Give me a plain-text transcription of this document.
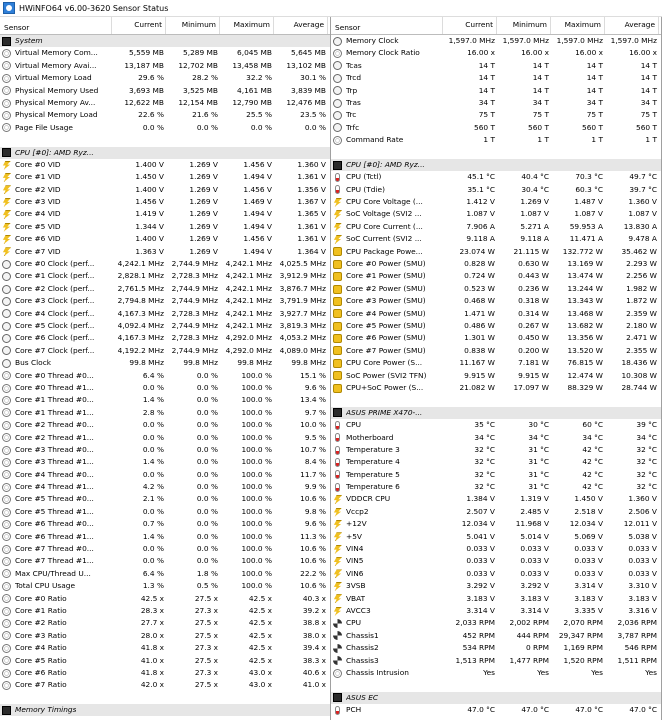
HWiNFO64 v6.00-3620 Sensor Status
Sensor	Current	Minimum	Maximum	Average
System
Virtual Memory Com...	5,559 MB	5,289 MB	6,045 MB	5,645 MB
Virtual Memory Avai...	13,187 MB	12,702 MB	13,458 MB	13,102 MB
Virtual Memory Load	29.6 %	28.2 %	32.2 %	30.1 %
Physical Memory Used	3,693 MB	3,525 MB	4,161 MB	3,839 MB
Physical Memory Av...	12,622 MB	12,154 MB	12,790 MB	12,476 MB
Physical Memory Load	22.6 %	21.6 %	25.5 %	23.5 %
Page File Usage	0.0 %	0.0 %	0.0 %	0.0 %
CPU [#0]: AMD Ryz...
Core #0 VID	1.400 V	1.269 V	1.456 V	1.360 V
Core #1 VID	1.450 V	1.269 V	1.494 V	1.361 V
Core #2 VID	1.400 V	1.269 V	1.456 V	1.356 V
Core #3 VID	1.456 V	1.269 V	1.469 V	1.367 V
Core #4 VID	1.419 V	1.269 V	1.494 V	1.365 V
Core #5 VID	1.344 V	1.269 V	1.494 V	1.361 V
Core #6 VID	1.400 V	1.269 V	1.456 V	1.361 V
Core #7 VID	1.363 V	1.269 V	1.494 V	1.364 V
Core #0 Clock (perf...	4,242.1 MHz	2,744.9 MHz	4,242.1 MHz	4,025.5 MHz
Core #1 Clock (perf...	2,828.1 MHz	2,728.3 MHz	4,242.1 MHz	3,912.9 MHz
Core #2 Clock (perf...	2,761.5 MHz	2,744.9 MHz	4,242.1 MHz	3,876.7 MHz
Core #3 Clock (perf...	2,794.8 MHz	2,744.9 MHz	4,242.1 MHz	3,791.9 MHz
Core #4 Clock (perf...	4,167.3 MHz	2,728.3 MHz	4,242.1 MHz	3,927.7 MHz
Core #5 Clock (perf...	4,092.4 MHz	2,744.9 MHz	4,242.1 MHz	3,819.3 MHz
Core #6 Clock (perf...	4,167.3 MHz	2,728.3 MHz	4,292.0 MHz	4,053.2 MHz
Core #7 Clock (perf...	4,192.2 MHz	2,744.9 MHz	4,292.0 MHz	4,089.0 MHz
Bus Clock	99.8 MHz	99.8 MHz	99.8 MHz	99.8 MHz
Core #0 Thread #0...	6.4 %	0.0 %	100.0 %	15.1 %
Core #0 Thread #1...	0.0 %	0.0 %	100.0 %	9.6 %
Core #1 Thread #0...	1.4 %	0.0 %	100.0 %	13.4 %
Core #1 Thread #1...	2.8 %	0.0 %	100.0 %	9.7 %
Core #2 Thread #0...	0.0 %	0.0 %	100.0 %	10.0 %
Core #2 Thread #1...	0.0 %	0.0 %	100.0 %	9.5 %
Core #3 Thread #0...	0.0 %	0.0 %	100.0 %	10.7 %
Core #3 Thread #1...	1.4 %	0.0 %	100.0 %	8.4 %
Core #4 Thread #0...	0.0 %	0.0 %	100.0 %	11.7 %
Core #4 Thread #1...	4.2 %	0.0 %	100.0 %	9.9 %
Core #5 Thread #0...	2.1 %	0.0 %	100.0 %	10.6 %
Core #5 Thread #1...	0.0 %	0.0 %	100.0 %	9.8 %
Core #6 Thread #0...	0.7 %	0.0 %	100.0 %	9.6 %
Core #6 Thread #1...	1.4 %	0.0 %	100.0 %	11.3 %
Core #7 Thread #0...	0.0 %	0.0 %	100.0 %	10.6 %
Core #7 Thread #1...	0.0 %	0.0 %	100.0 %	10.6 %
Max CPU/Thread U...	6.4 %	1.8 %	100.0 %	22.2 %
Total CPU Usage	1.3 %	0.5 %	100.0 %	10.6 %
Core #0 Ratio	42.5 x	27.5 x	42.5 x	40.3 x
Core #1 Ratio	28.3 x	27.3 x	42.5 x	39.2 x
Core #2 Ratio	27.7 x	27.5 x	42.5 x	38.8 x
Core #3 Ratio	28.0 x	27.5 x	42.5 x	38.0 x
Core #4 Ratio	41.8 x	27.3 x	42.5 x	39.4 x
Core #5 Ratio	41.0 x	27.5 x	42.5 x	38.3 x
Core #6 Ratio	41.8 x	27.3 x	43.0 x	40.6 x
Core #7 Ratio	42.0 x	27.5 x	43.0 x	41.0 x
Memory Timings
Sensor	Current	Minimum	Maximum	Average
Memory Clock	1,597.0 MHz	1,597.0 MHz	1,597.0 MHz	1,597.0 MHz
Memory Clock Ratio	16.00 x	16.00 x	16.00 x	16.00 x
Tcas	14 T	14 T	14 T	14 T
Trcd	14 T	14 T	14 T	14 T
Trp	14 T	14 T	14 T	14 T
Tras	34 T	34 T	34 T	34 T
Trc	75 T	75 T	75 T	75 T
Trfc	560 T	560 T	560 T	560 T
Command Rate	1 T	1 T	1 T	1 T
CPU [#0]: AMD Ryz...
CPU (Tctl)	45.1 °C	40.4 °C	70.3 °C	49.7 °C
CPU (Tdie)	35.1 °C	30.4 °C	60.3 °C	39.7 °C
CPU Core Voltage (...	1.412 V	1.269 V	1.487 V	1.360 V
SoC Voltage (SVI2 ...	1.087 V	1.087 V	1.087 V	1.087 V
CPU Core Current (...	7.906 A	5.271 A	59.953 A	13.830 A
SoC Current (SVI2 ...	9.118 A	9.118 A	11.471 A	9.478 A
CPU Package Powe...	23.074 W	21.115 W	132.772 W	35.462 W
Core #0 Power (SMU)	0.828 W	0.630 W	13.169 W	2.293 W
Core #1 Power (SMU)	0.724 W	0.443 W	13.474 W	2.256 W
Core #2 Power (SMU)	0.523 W	0.236 W	13.244 W	1.982 W
Core #3 Power (SMU)	0.468 W	0.318 W	13.343 W	1.872 W
Core #4 Power (SMU)	1.471 W	0.314 W	13.468 W	2.359 W
Core #5 Power (SMU)	0.486 W	0.267 W	13.682 W	2.180 W
Core #6 Power (SMU)	1.301 W	0.450 W	13.356 W	2.471 W
Core #7 Power (SMU)	0.838 W	0.200 W	13.520 W	2.355 W
CPU Core Power (S...	11.167 W	7.181 W	76.815 W	18.436 W
SoC Power (SVI2 TFN)	9.915 W	9.915 W	12.474 W	10.308 W
CPU+SoC Power (S...	21.082 W	17.097 W	88.329 W	28.744 W
ASUS PRIME X470-...
CPU	35 °C	30 °C	60 °C	39 °C
Motherboard	34 °C	34 °C	34 °C	34 °C
Temperature 3	32 °C	31 °C	42 °C	32 °C
Temperature 4	32 °C	31 °C	42 °C	32 °C
Temperature 5	32 °C	31 °C	42 °C	32 °C
Temperature 6	32 °C	31 °C	42 °C	32 °C
VDDCR CPU	1.384 V	1.319 V	1.450 V	1.360 V
Vccp2	2.507 V	2.485 V	2.518 V	2.506 V
+12V	12.034 V	11.968 V	12.034 V	12.011 V
+5V	5.041 V	5.014 V	5.069 V	5.038 V
VIN4	0.033 V	0.033 V	0.033 V	0.033 V
VIN5	0.033 V	0.033 V	0.033 V	0.033 V
VIN6	0.033 V	0.033 V	0.033 V	0.033 V
3VSB	3.292 V	3.292 V	3.314 V	3.310 V
VBAT	3.183 V	3.183 V	3.183 V	3.183 V
AVCC3	3.314 V	3.314 V	3.335 V	3.316 V
CPU	2,033 RPM	2,002 RPM	2,070 RPM	2,036 RPM
Chassis1	452 RPM	444 RPM	29,347 RPM	3,787 RPM
Chassis2	534 RPM	0 RPM	1,169 RPM	546 RPM
Chassis3	1,513 RPM	1,477 RPM	1,520 RPM	1,511 RPM
Chassis Intrusion	Yes	Yes	Yes	Yes
ASUS EC
PCH	47.0 °C	47.0 °C	47.0 °C	47.0 °C
